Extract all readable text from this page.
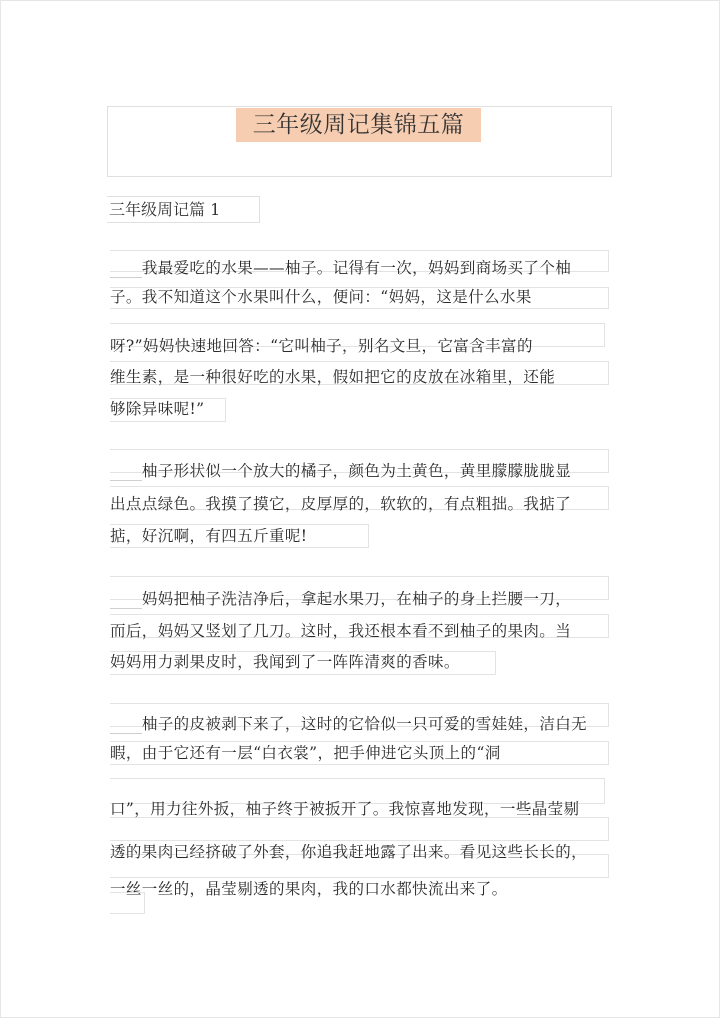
三年级周记集锦五篇
三年级周记篇 1
　　我最爱吃的水果——柚子。记得有一次，妈妈到商场买了个柚
子。我不知道这个水果叫什么，便问：“妈妈，这是什么水果
呀?”妈妈快速地回答：“它叫柚子，别名文旦，它富含丰富的
维生素，是一种很好吃的水果，假如把它的皮放在冰箱里，还能
够除异味呢!”
　　柚子形状似一个放大的橘子，颜色为土黄色，黄里朦朦胧胧显
出点点绿色。我摸了摸它，皮厚厚的，软软的，有点粗拙。我掂了
掂，好沉啊，有四五斤重呢!
　　妈妈把柚子洗洁净后，拿起水果刀，在柚子的身上拦腰一刀，
而后，妈妈又竖划了几刀。这时，我还根本看不到柚子的果肉。当
妈妈用力剥果皮时，我闻到了一阵阵清爽的香味。
　　柚子的皮被剥下来了，这时的它恰似一只可爱的雪娃娃，洁白无
暇，由于它还有一层“白衣裳”，把手伸进它头顶上的“洞
口”，用力往外扳，柚子终于被扳开了。我惊喜地发现，一些晶莹剔
透的果肉已经挤破了外套，你追我赶地露了出来。看见这些长长的，
一丝一丝的，晶莹剔透的果肉，我的口水都快流出来了。
